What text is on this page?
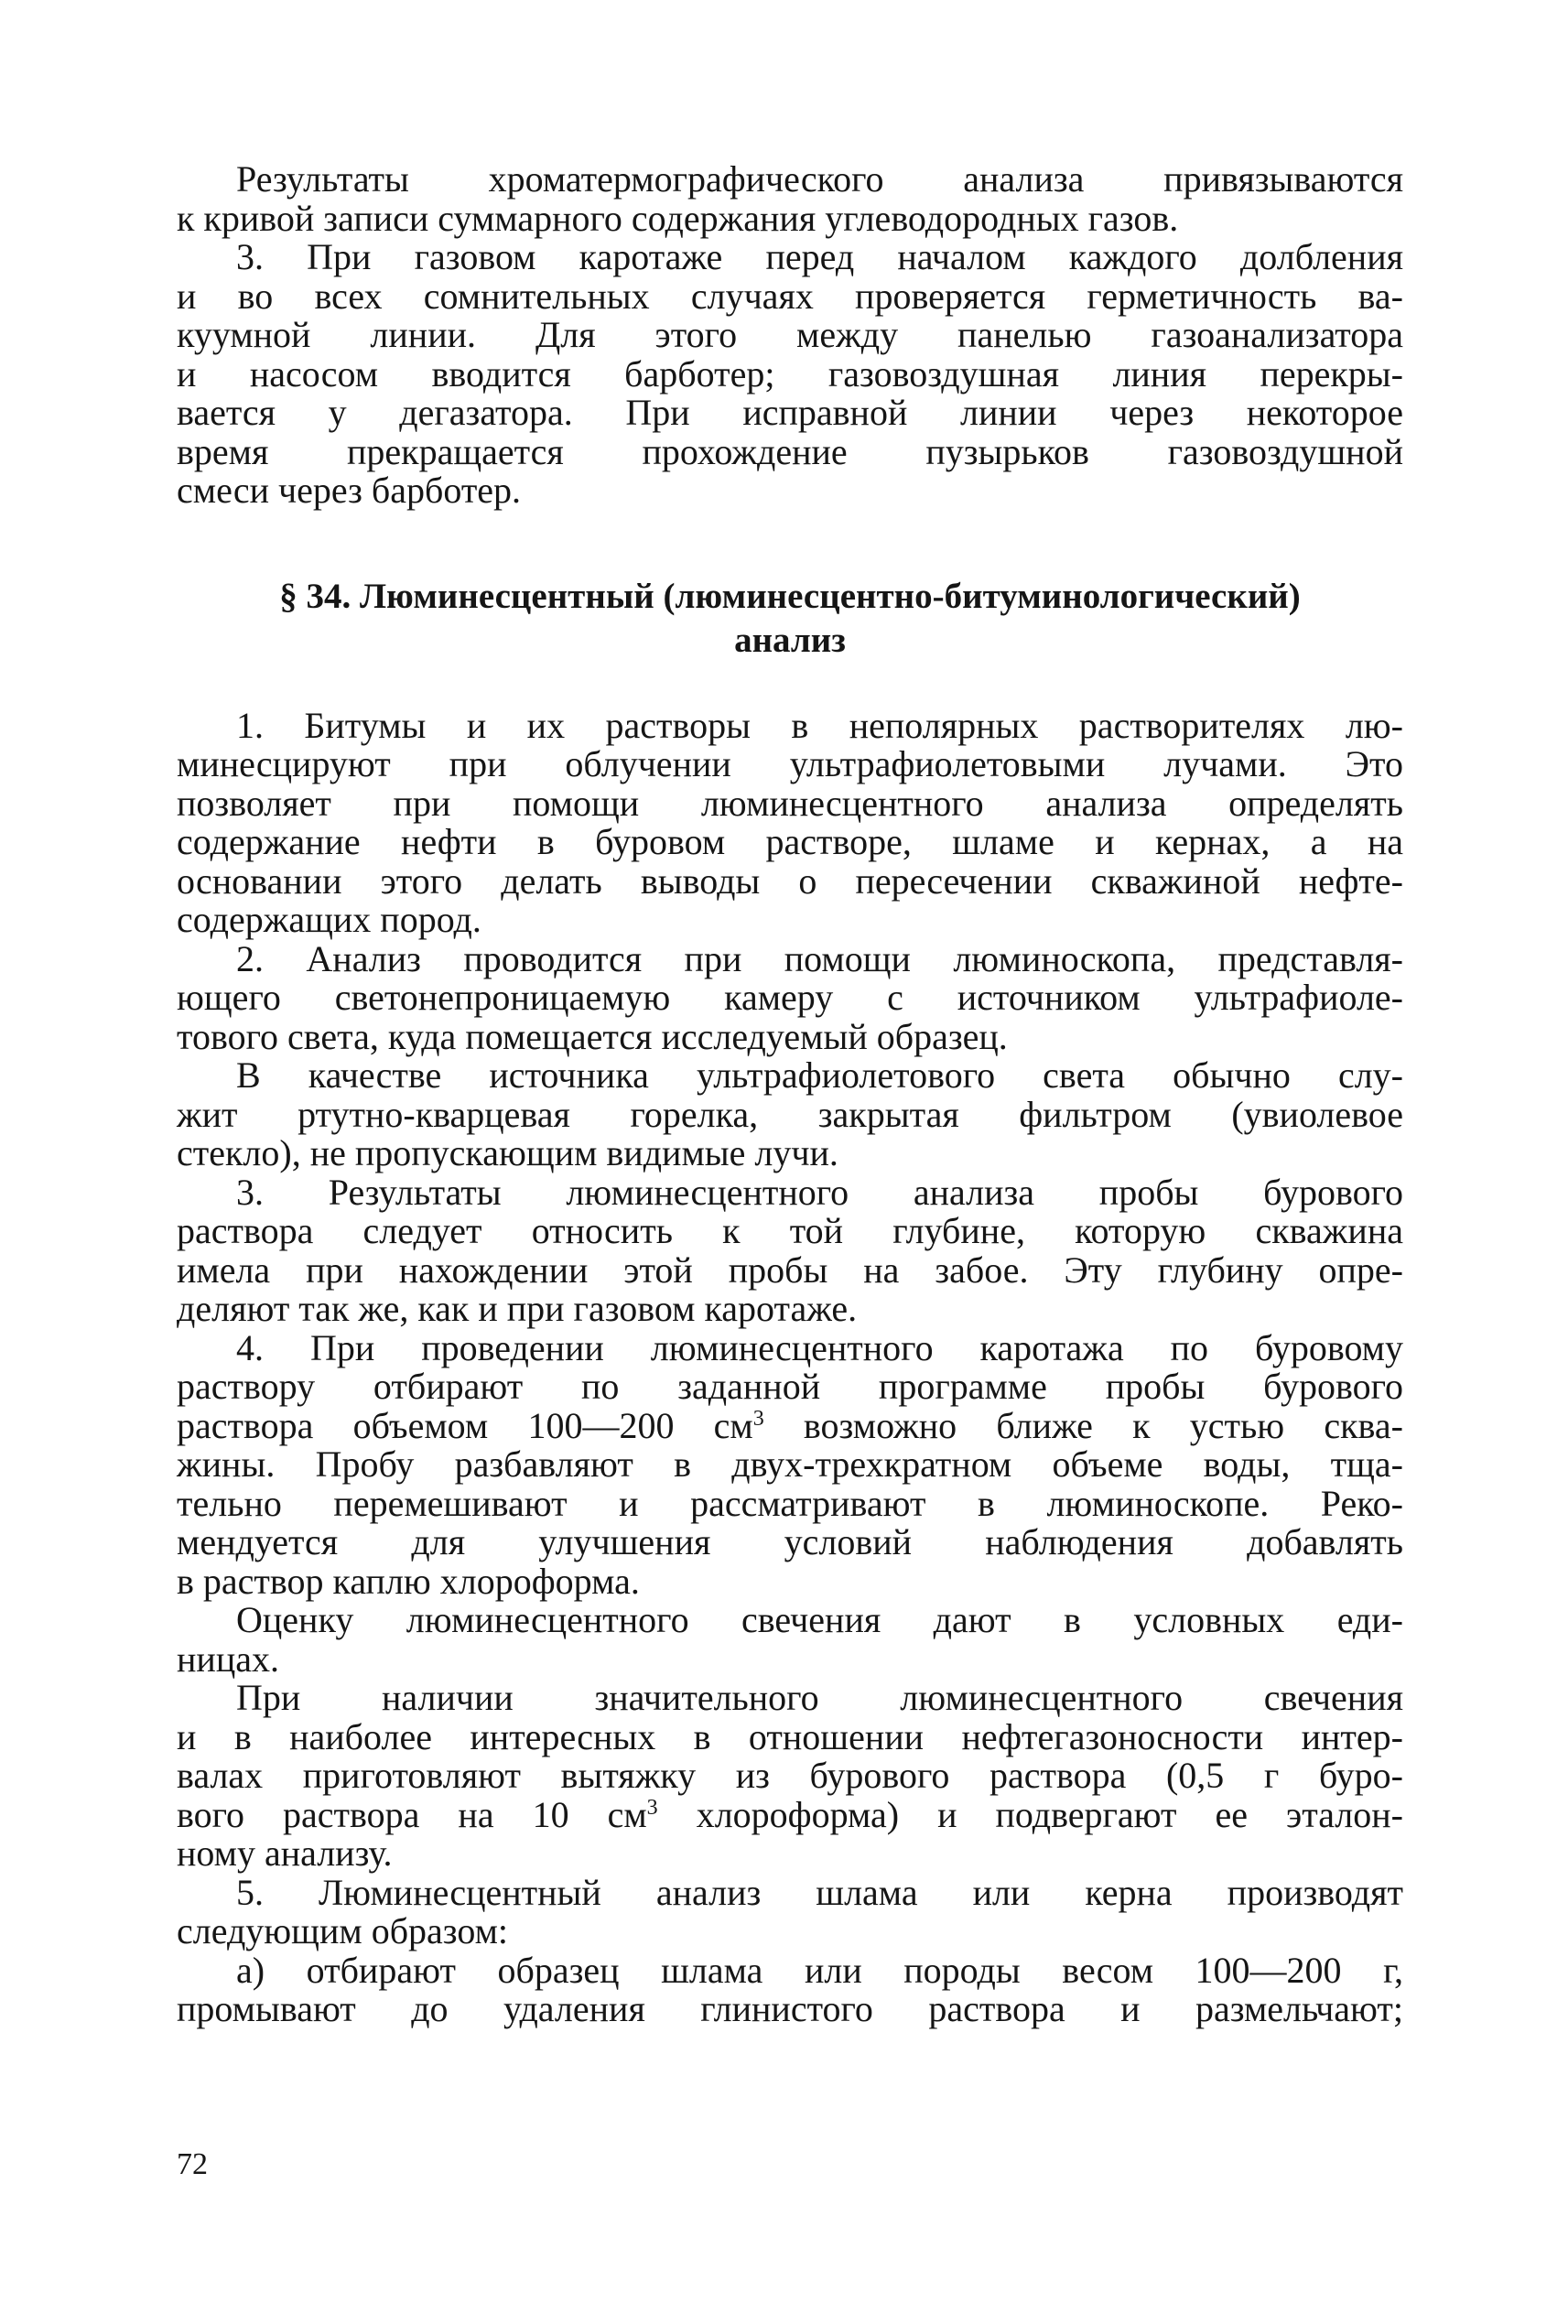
Результаты хроматермографического анализа привязываются
к кривой записи суммарного содержания углеводородных газов.
3. При газовом каротаже перед началом каждого долбления
и во всех сомнительных случаях проверяется герметичность ва-
куумной линии. Для этого между панелью газоанализатора
и насосом вводится барботер; газовоздушная линия перекры-
вается у дегазатора. При исправной линии через некоторое
время прекращается прохождение пузырьков газовоздушной
смеси через барботер.
§ 34. Люминесцентный (люминесцентно-битуминологический)
анализ
1. Битумы и их растворы в неполярных растворителях лю-
минесцируют при облучении ультрафиолетовыми лучами. Это
позволяет при помощи люминесцентного анализа определять
содержание нефти в буровом растворе, шламе и кернах, а на
основании этого делать выводы о пересечении скважиной нефте-
содержащих пород.
2. Анализ проводится при помощи люминоскопа, представля-
ющего светонепроницаемую камеру с источником ультрафиоле-
тового света, куда помещается исследуемый образец.
В качестве источника ультрафиолетового света обычно слу-
жит ртутно-кварцевая горелка, закрытая фильтром (увиолевое
стекло), не пропускающим видимые лучи.
3. Результаты люминесцентного анализа пробы бурового
раствора следует относить к той глубине, которую скважина
имела при нахождении этой пробы на забое. Эту глубину опре-
деляют так же, как и при газовом каротаже.
4. При проведении люминесцентного каротажа по буровому
раствору отбирают по заданной программе пробы бурового
раствора объемом 100—200 $см^3$ возможно ближе к устью сква-
жины. Пробу разбавляют в двух-трехкратном объеме воды, тща-
тельно перемешивают и рассматривают в люминоскопе. Реко-
мендуется для улучшения условий наблюдения добавлять
в раствор каплю хлороформа.
Оценку люминесцентного свечения дают в условных еди-
ницах.
При наличии значительного люминесцентного свечения
и в наиболее интересных в отношении нефтегазоносности интер-
валах приготовляют вытяжку из бурового раствора (0,5 г буро-
вого раствора на 10 $см^3$ хлороформа) и подвергают ее эталон-
ному анализу.
5. Люминесцентный анализ шлама или керна производят
следующим образом:
а) отбирают образец шлама или породы весом 100—200 г,
промывают до удаления глинистого раствора и размельчают;
72
